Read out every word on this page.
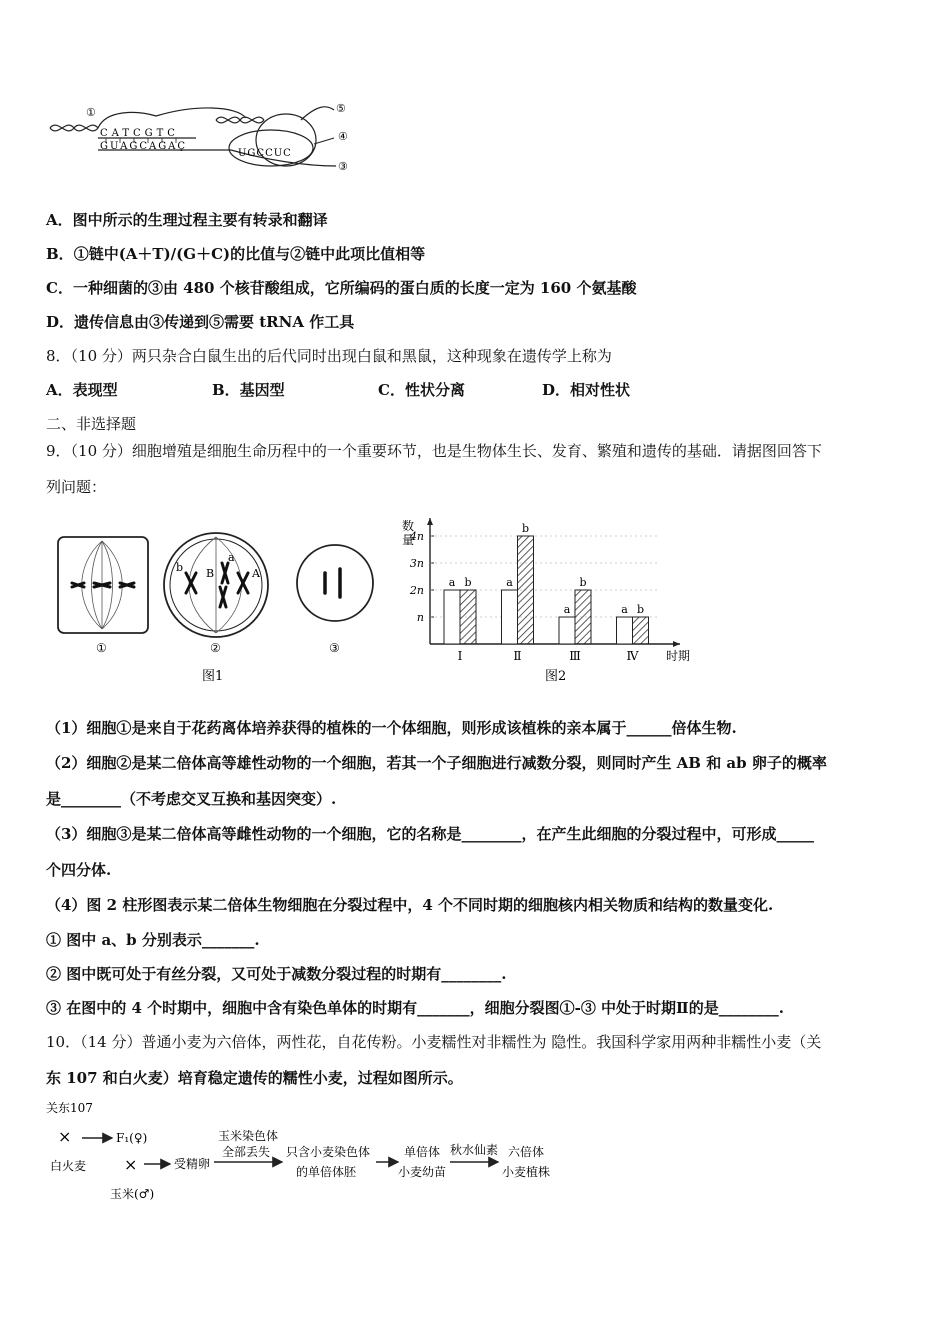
①	⑤
④
③
CATCGTC
GUAGCAGAÇ
UGCCUC
A．图中所示的生理过程主要有转录和翻译
B．①链中(A＋T)/(G＋C)的比值与②链中此项比值相等
C．一种细菌的③由 480 个核苷酸组成，它所编码的蛋白质的长度一定为 160 个氨基酸
D．遗传信息由③传递到⑤需要 tRNA 作工具
8．（10 分）两只杂合白鼠生出的后代同时出现白鼠和黑鼠，这种现象在遗传学上称为
A．表现型	B．基因型	C．性状分离	D．相对性状
二、非选择题
9．（10 分）细胞增殖是细胞生命历程中的一个重要环节，也是生物体生长、发育、繁殖和遗传的基础．请据图回答下
列问题：
①
b B
a
A
②	③
图1
数
量
n
2n
3n
4n
a b
Ⅰ
a
b
Ⅱ
a
b
Ⅲ
a b
Ⅳ 时期
图2
（1）细胞①是来自于花药离体培养获得的植株的一个体细胞，则形成该植株的亲本属于______倍体生物.
（2）细胞②是某二倍体高等雄性动物的一个细胞，若其一个子细胞进行减数分裂，则同时产生 AB 和 ab 卵子的概率
是________（不考虑交叉互换和基因突变）.
（3）细胞③是某二倍体高等雌性动物的一个细胞，它的名称是________，在产生此细胞的分裂过程中，可形成_____
个四分体.
（4）图 2 柱形图表示某二倍体生物细胞在分裂过程中，4 个不同时期的细胞核内相关物质和结构的数量变化.
① 图中 a、b 分别表示_______.
② 图中既可处于有丝分裂，又可处于减数分裂过程的时期有________.
③ 在图中的 4 个时期中，细胞中含有染色单体的时期有_______，细胞分裂图①-③ 中处于时期Ⅱ的是________.
10．（14 分）普通小麦为六倍体，两性花，自花传粉。小麦糯性对非糯性为 隐性。我国科学家用两种非糯性小麦（关
东 107 和白火麦）培育稳定遗传的糯性小麦，过程如图所示。
关东107
×
白火麦
F₁(♀)
×
玉米(♂)
受精卵
玉米染色体
全部丢失 只含小麦染色体
的单倍体胚
单倍体
小麦幼苗
秋水仙素 六倍体
小麦植株
